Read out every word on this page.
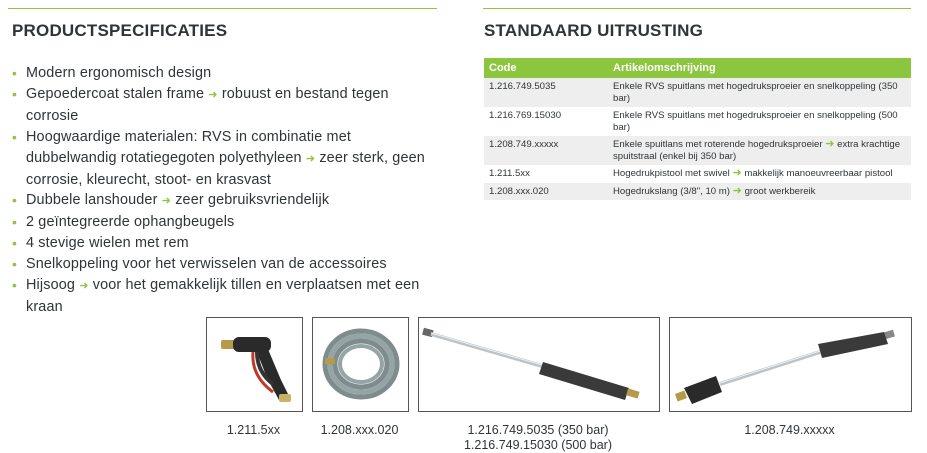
PRODUCTSPECIFICATIES	STANDAARD UITRUSTING
• Modern ergonomisch design
• Gepoedercoat stalen frame ➜ robuust en bestand tegen corrosie
• Hoogwaardige materialen: RVS in combinatie met dubbelwandig rotatiegegoten polyethyleen ➜ zeer sterk, geen corrosie, kleurecht, stoot- en krasvast
• Dubbele lanshouder ➜ zeer gebruiksvriendelijk
• 2 geïntegreerde ophangbeugels
• 4 stevige wielen met rem
• Snelkoppeling voor het verwisselen van de accessoires
• Hijsoog ➜ voor het gemakkelijk tillen en verplaatsen met een kraan
Code	Artikelomschrijving
1.216.749.5035	Enkele RVS spuitlans met hogedruksproeier en snelkoppeling (350 bar)
1.216.769.15030	Enkele RVS spuitlans met hogedruksproeier en snelkoppeling (500 bar)
1.208.749.xxxxx	Enkele spuitlans met roterende hogedruksproeier ➜ extra krachtige spuitstraal (enkel bij 350 bar)
1.211.5xx	Hogedrukpistool met swivel ➜ makkelijk manoeuvreerbaar pistool
1.208.xxx.020	Hogedrukslang (3/8", 10 m) ➜ groot werkbereik
1.211.5xx	1.208.xxx.020	1.216.749.5035 (350 bar)
1.216.749.15030 (500 bar)
1.208.749.xxxxx
